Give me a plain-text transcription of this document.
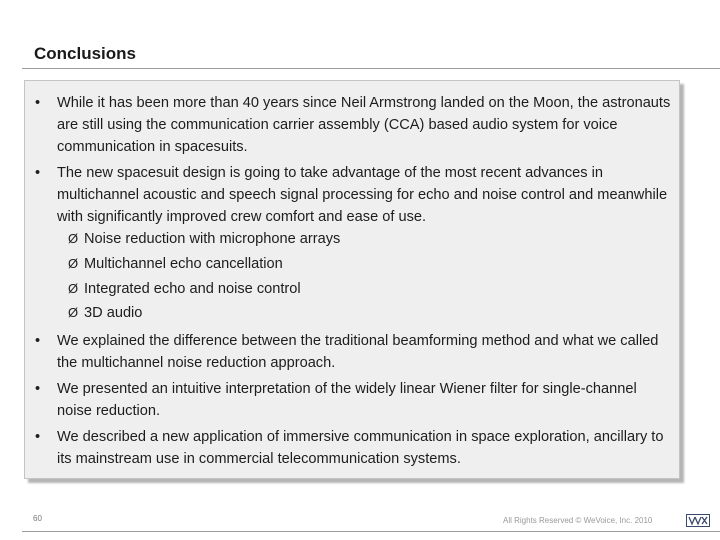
Conclusions
• While it has been more than 40 years since Neil Armstrong landed on the Moon, the astronauts are still using the communication carrier assembly (CCA) based audio system for voice communication in spacesuits.
• The new spacesuit design is going to take advantage of the most recent advances in multichannel acoustic and speech signal processing for echo and noise control and meanwhile with significantly improved crew comfort and ease of use.
Ø Noise reduction with microphone arrays
Ø Multichannel echo cancellation
Ø Integrated echo and noise control
Ø 3D audio
• We explained the difference between the traditional beamforming method and what we called the multichannel noise reduction approach.
• We presented an intuitive interpretation of the widely linear Wiener filter for single-channel noise reduction.
• We described a new application of immersive communication in space exploration, ancillary to its mainstream use in commercial telecommunication systems.
60	All Rights Reserved © WeVoice, Inc. 2010
